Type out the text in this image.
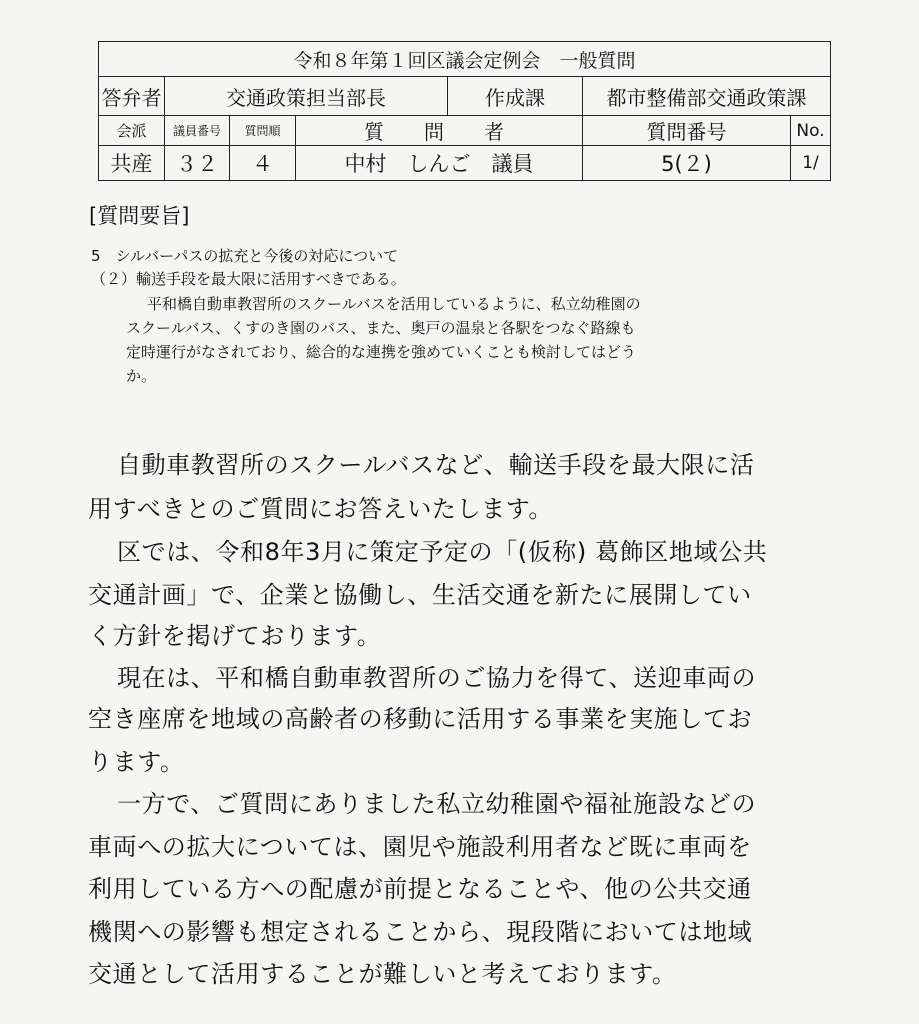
令和８年第１回区議会定例会　一般質問						
答弁者	交通政策担当部長			作成課	都市整備部交通政策課	
会派	議員番号	質問順	質　問　者		質問番号	No.
共産	３２	４	中村　しんご　議員		5(２)	1/
[質問要旨]
5　シルバーパスの拡充と今後の対応について
（２）輸送手段を最大限に活用すべきである。
平和橋自動車教習所のスクールバスを活用しているように、私立幼稚園の
スクールバス、くすのき園のバス、また、奥戸の温泉と各駅をつなぐ路線も
定時運行がなされており、総合的な連携を強めていくことも検討してはどう
か。
自動車教習所のスクールバスなど、輸送手段を最大限に活
用すべきとのご質問にお答えいたします。
区では、令和8年3月に策定予定の「(仮称) 葛飾区地域公共
交通計画」で、企業と協働し、生活交通を新たに展開してい
く方針を掲げております。
現在は、平和橋自動車教習所のご協力を得て、送迎車両の
空き座席を地域の高齢者の移動に活用する事業を実施してお
ります。
一方で、ご質問にありました私立幼稚園や福祉施設などの
車両への拡大については、園児や施設利用者など既に車両を
利用している方への配慮が前提となることや、他の公共交通
機関への影響も想定されることから、現段階においては地域
交通として活用することが難しいと考えております。
